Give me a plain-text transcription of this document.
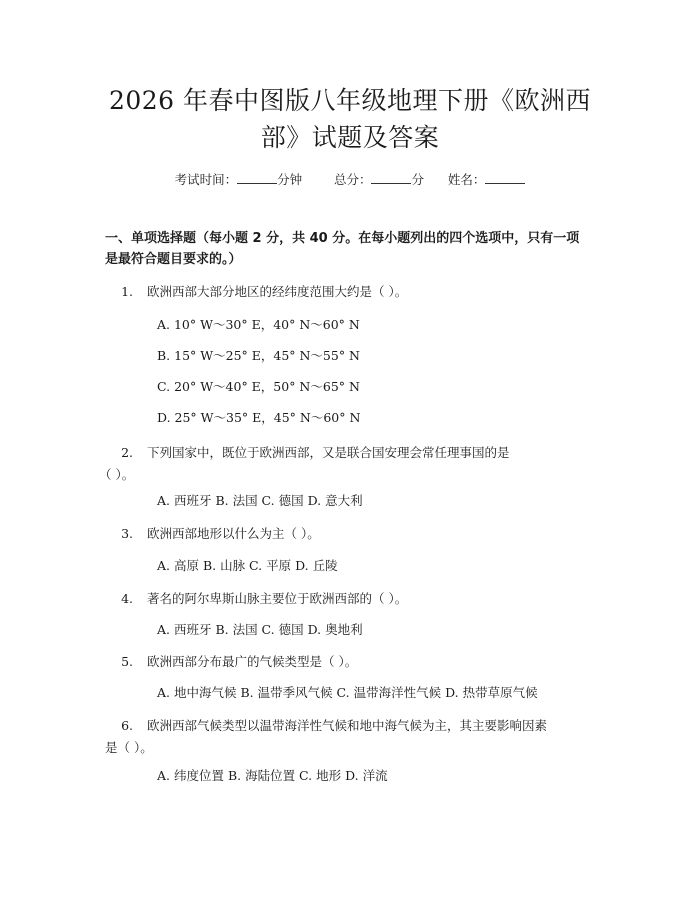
2026 年春中图版八年级地理下册《欧洲西
部》试题及答案
考试时间：	分钟	总分：	分 姓名：
一、单项选择题（每小题 2 分，共 40 分。在每小题列出的四个选项中，只有一项
是最符合题目要求的。）
1. 欧洲西部大部分地区的经纬度范围大约是（ ）。
A. 10° W～30° E，40° N～60° N
B. 15° W～25° E，45° N～55° N
C. 20° W～40° E，50° N～65° N
D. 25° W～35° E，45° N～60° N
2. 下列国家中，既位于欧洲西部，又是联合国安理会常任理事国的是
（ ）。
A. 西班牙 B. 法国 C. 德国 D. 意大利
3. 欧洲西部地形以什么为主（ ）。
A. 高原 B. 山脉 C. 平原 D. 丘陵
4. 著名的阿尔卑斯山脉主要位于欧洲西部的（ ）。
A. 西班牙 B. 法国 C. 德国 D. 奥地利
5. 欧洲西部分布最广的气候类型是（ ）。
A. 地中海气候 B. 温带季风气候 C. 温带海洋性气候 D. 热带草原气候
6. 欧洲西部气候类型以温带海洋性气候和地中海气候为主，其主要影响因素
是（ ）。
A. 纬度位置 B. 海陆位置 C. 地形 D. 洋流
